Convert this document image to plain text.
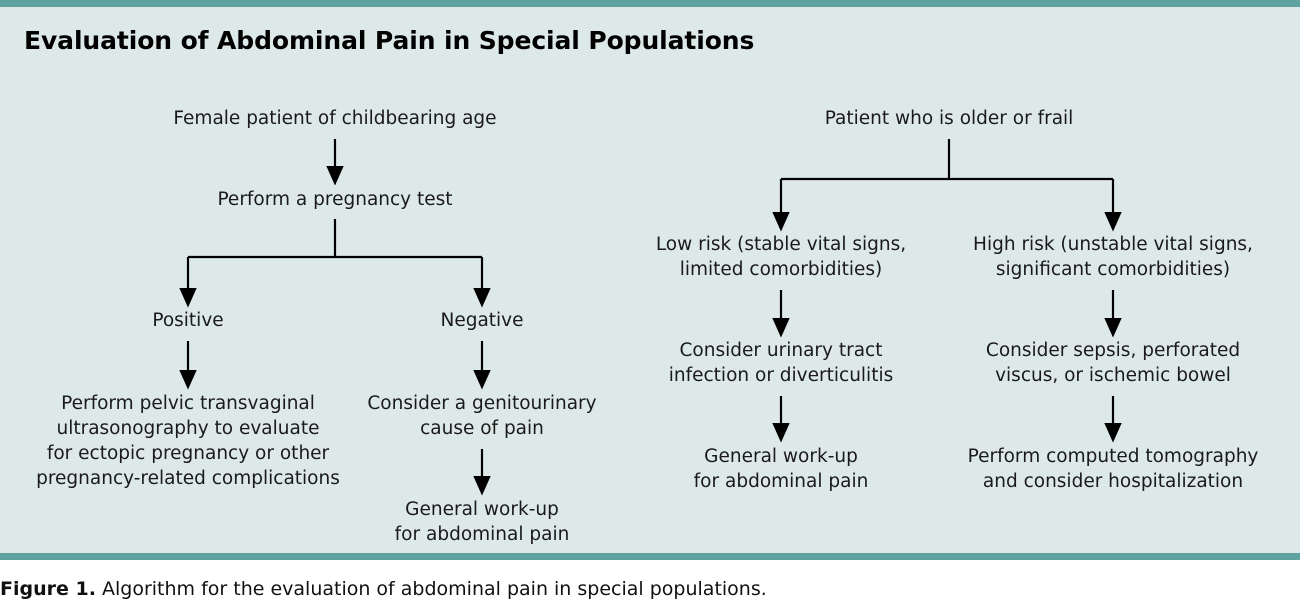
Evaluation of Abdominal Pain in Special Populations
Female patient of childbearing age
Perform a pregnancy test
Positive	Negative
Perform pelvic transvaginal
ultrasonography to evaluate
for ectopic pregnancy or other
pregnancy-related complications
Consider a genitourinary
cause of pain
General work-up
for abdominal pain
Patient who is older or frail
Low risk (stable vital signs,
limited comorbidities)
High risk (unstable vital signs,
significant comorbidities)
Consider urinary tract
infection or diverticulitis
Consider sepsis, perforated
viscus, or ischemic bowel
General work-up
for abdominal pain
Perform computed tomography
and consider hospitalization
Figure 1. Algorithm for the evaluation of abdominal pain in special populations.
